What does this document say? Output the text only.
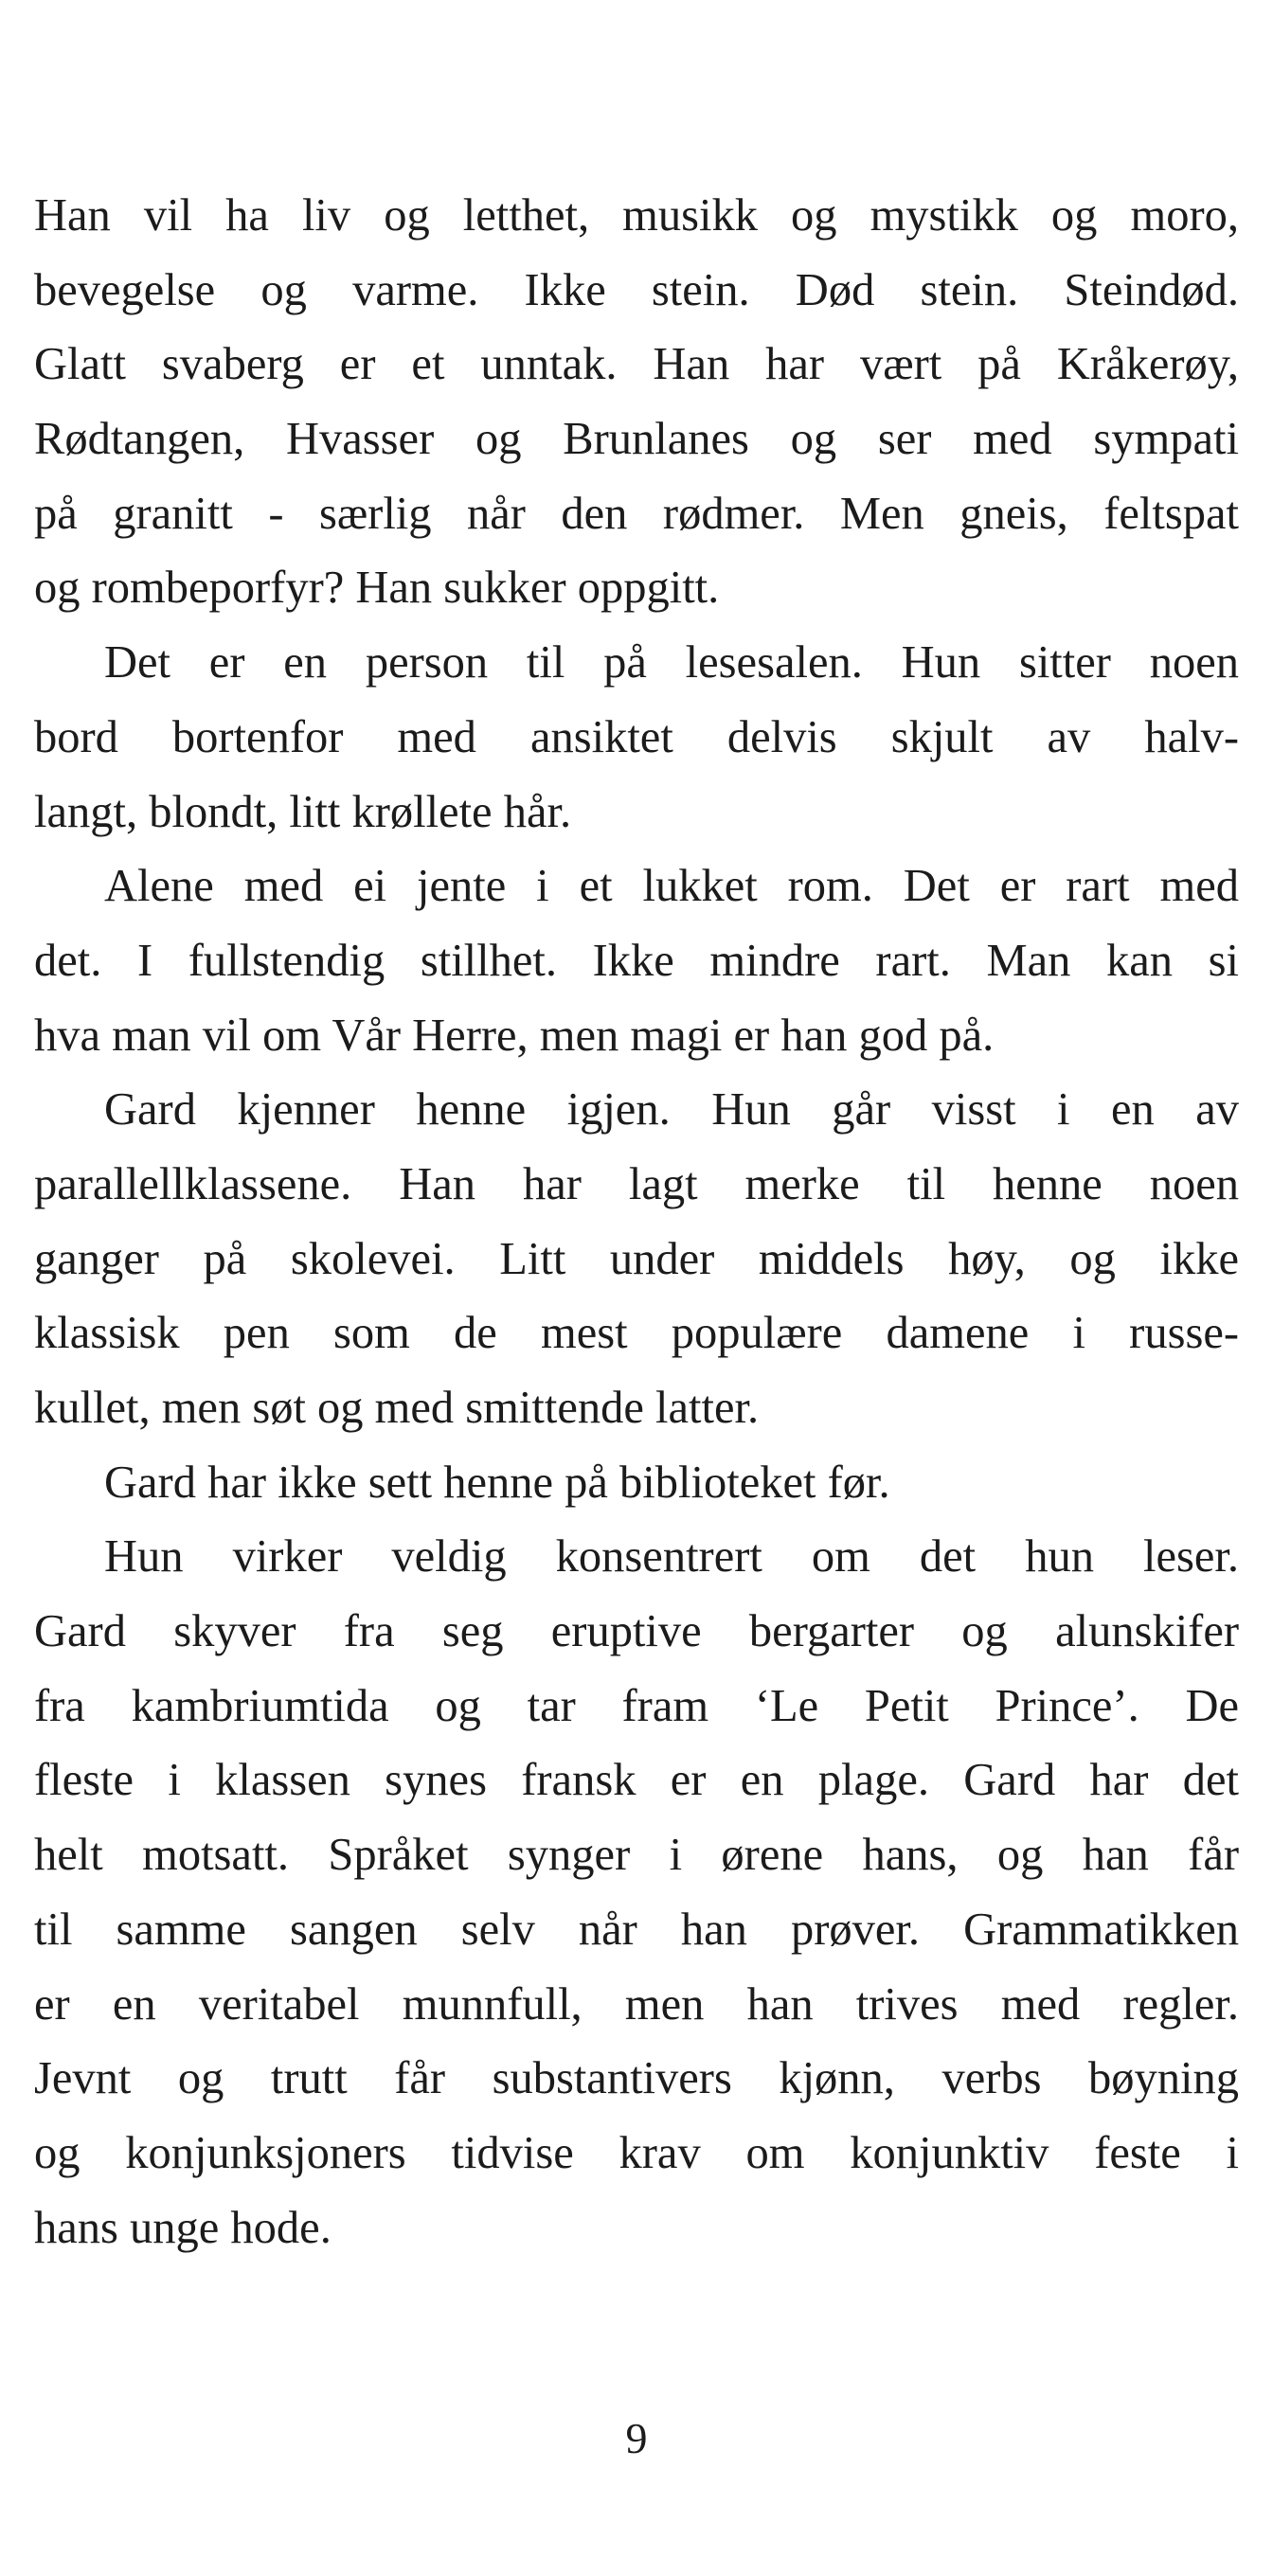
Han vil ha liv og letthet, musikk og mystikk og moro,
bevegelse og varme. Ikke stein. Død stein. Steindød.
Glatt svaberg er et unntak. Han har vært på Kråkerøy,
Rødtangen, Hvasser og Brunlanes og ser med sympati
på granitt - særlig når den rødmer. Men gneis, feltspat
og rombeporfyr? Han sukker oppgitt.
Det er en person til på lesesalen. Hun sitter noen
bord bortenfor med ansiktet delvis skjult av halv-
langt, blondt, litt krøllete hår.
Alene med ei jente i et lukket rom. Det er rart med
det. I fullstendig stillhet. Ikke mindre rart. Man kan si
hva man vil om Vår Herre, men magi er han god på.
Gard kjenner henne igjen. Hun går visst i en av
parallellklassene. Han har lagt merke til henne noen
ganger på skolevei. Litt under middels høy, og ikke
klassisk pen som de mest populære damene i russe-
kullet, men søt og med smittende latter.
Gard har ikke sett henne på biblioteket før.
Hun virker veldig konsentrert om det hun leser.
Gard skyver fra seg eruptive bergarter og alunskifer
fra kambriumtida og tar fram ‘Le Petit Prince’. De
fleste i klassen synes fransk er en plage. Gard har det
helt motsatt. Språket synger i ørene hans, og han får
til samme sangen selv når han prøver. Grammatikken
er en veritabel munnfull, men han trives med regler.
Jevnt og trutt får substantivers kjønn, verbs bøyning
og konjunksjoners tidvise krav om konjunktiv feste i
hans unge hode.
9
